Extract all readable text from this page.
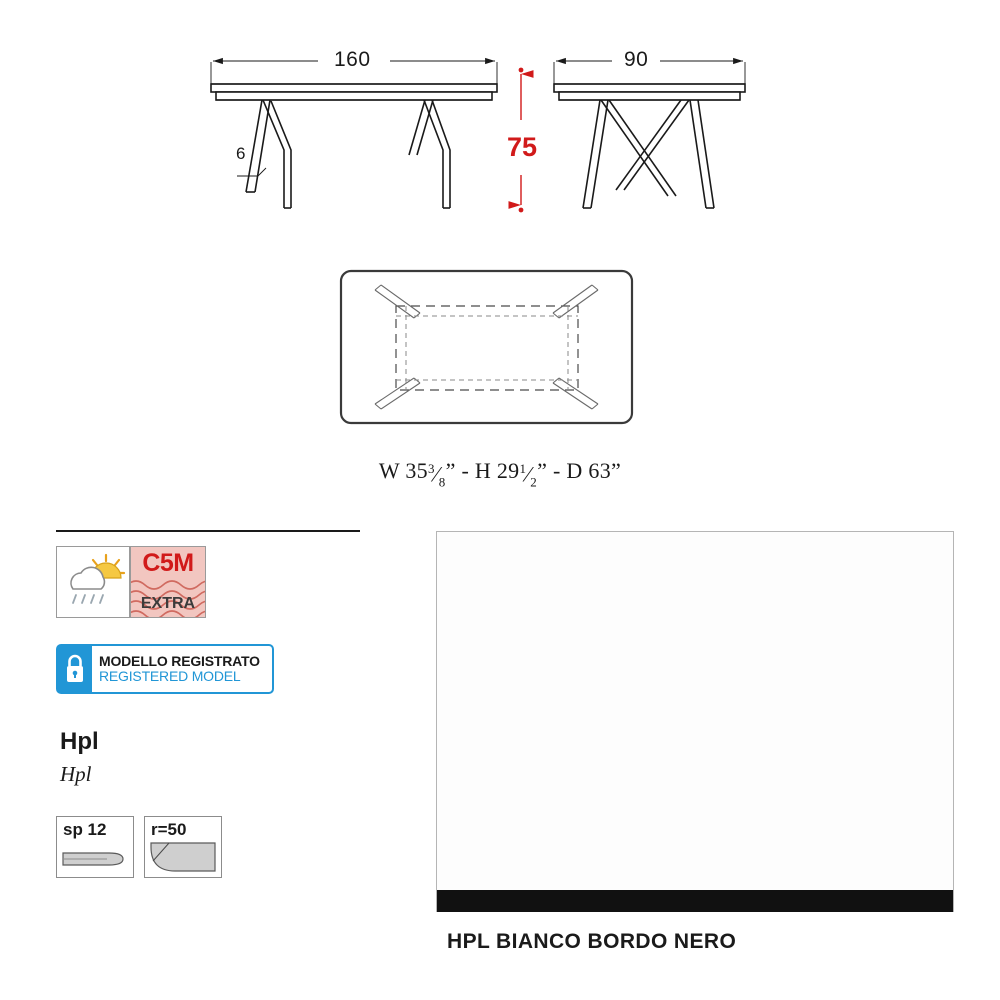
160
6
90
75
W $35^3⁄_8$” - H $29^1⁄_2$” - D 63”
C5M
EXTRA
MODELLO REGISTRATO
REGISTERED MODEL
Hpl
Hpl
sp 12	r=50
HPL BIANCO BORDO NERO
